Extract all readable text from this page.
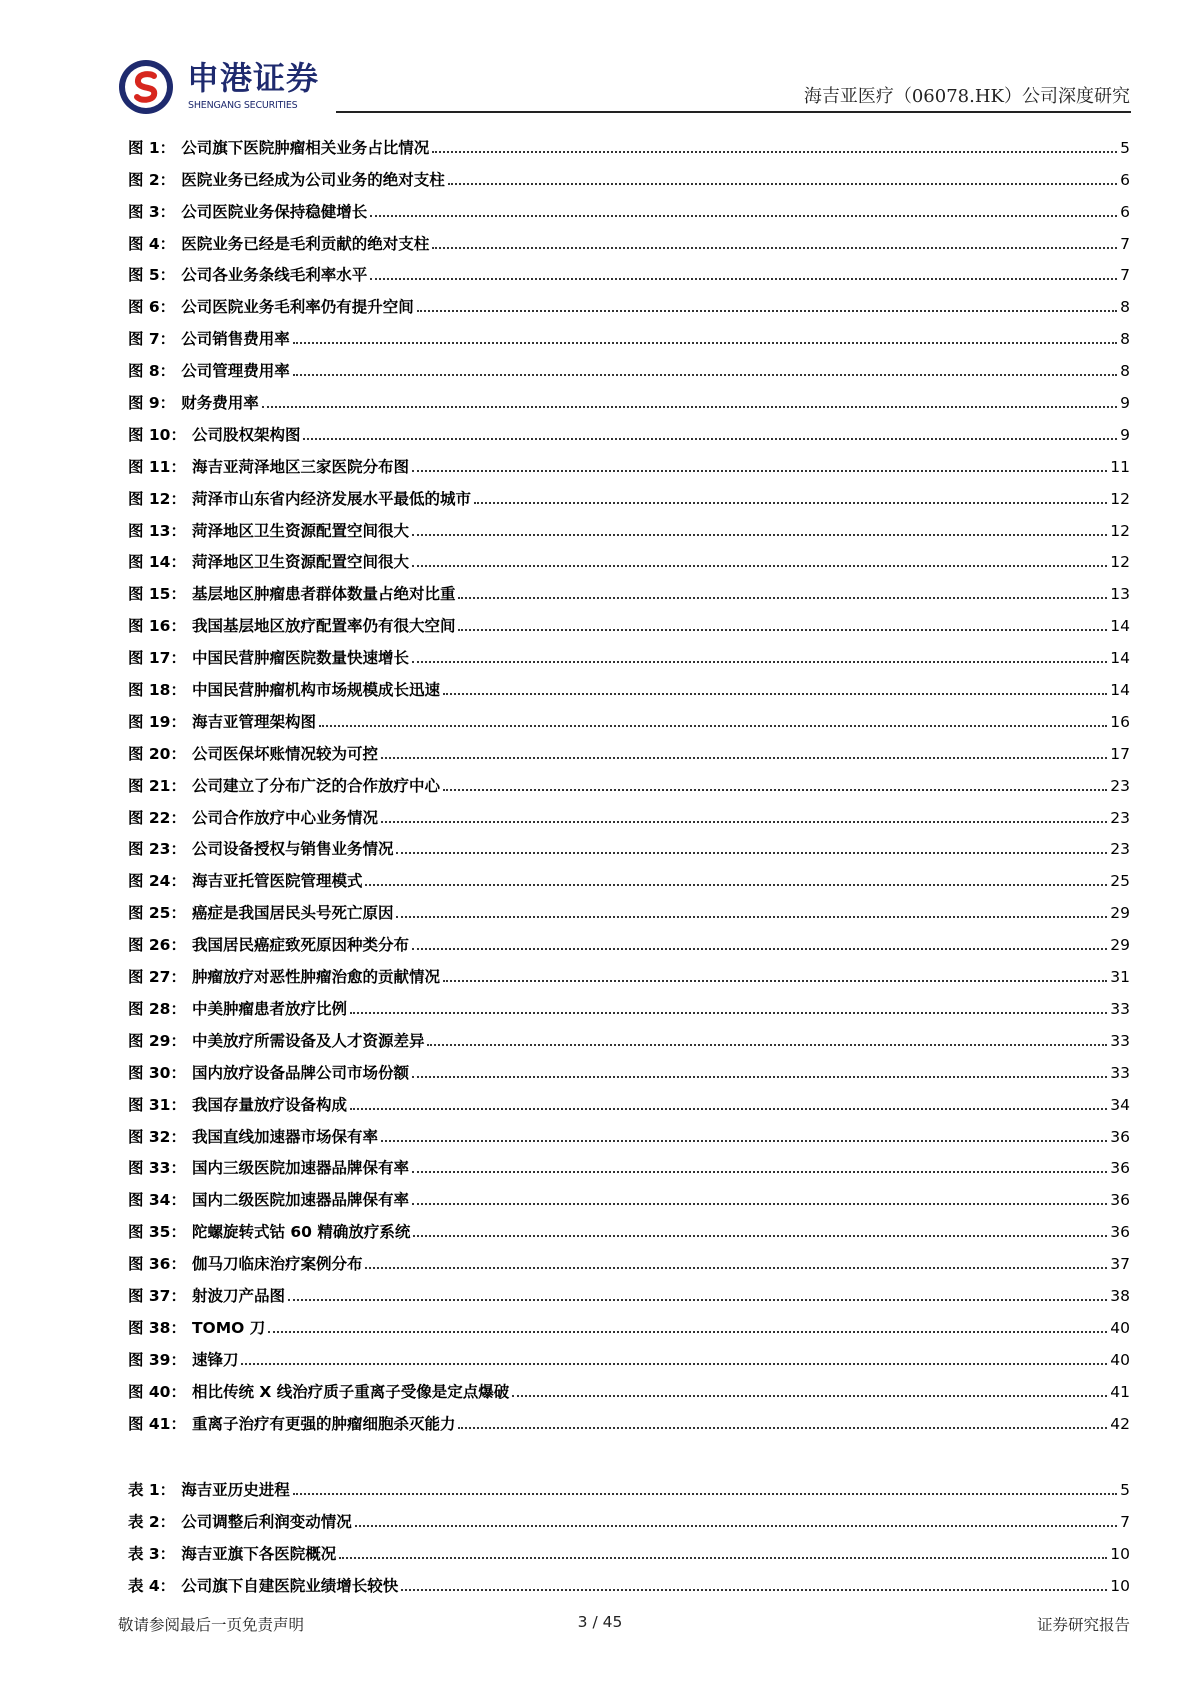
申港证券
SHENGANG SECURITIES	海吉亚医疗（06078.HK）公司深度研究
图 1： 公司旗下医院肿瘤相关业务占比情况	5
图 2： 医院业务已经成为公司业务的绝对支柱	6
图 3： 公司医院业务保持稳健增长	6
图 4： 医院业务已经是毛利贡献的绝对支柱	7
图 5： 公司各业务条线毛利率水平	7
图 6： 公司医院业务毛利率仍有提升空间	8
图 7： 公司销售费用率	8
图 8： 公司管理费用率	8
图 9： 财务费用率	9
图 10： 公司股权架构图	9
图 11： 海吉亚菏泽地区三家医院分布图	11
图 12： 菏泽市山东省内经济发展水平最低的城市	12
图 13： 菏泽地区卫生资源配置空间很大	12
图 14： 菏泽地区卫生资源配置空间很大	12
图 15： 基层地区肿瘤患者群体数量占绝对比重	13
图 16： 我国基层地区放疗配置率仍有很大空间	14
图 17： 中国民营肿瘤医院数量快速增长	14
图 18： 中国民营肿瘤机构市场规模成长迅速	14
图 19： 海吉亚管理架构图	16
图 20： 公司医保坏账情况较为可控	17
图 21： 公司建立了分布广泛的合作放疗中心	23
图 22： 公司合作放疗中心业务情况	23
图 23： 公司设备授权与销售业务情况	23
图 24： 海吉亚托管医院管理模式	25
图 25： 癌症是我国居民头号死亡原因	29
图 26： 我国居民癌症致死原因种类分布	29
图 27： 肿瘤放疗对恶性肿瘤治愈的贡献情况	31
图 28： 中美肿瘤患者放疗比例	33
图 29： 中美放疗所需设备及人才资源差异	33
图 30： 国内放疗设备品牌公司市场份额	33
图 31： 我国存量放疗设备构成	34
图 32： 我国直线加速器市场保有率	36
图 33： 国内三级医院加速器品牌保有率	36
图 34： 国内二级医院加速器品牌保有率	36
图 35： 陀螺旋转式钴 60 精确放疗系统	36
图 36： 伽马刀临床治疗案例分布	37
图 37： 射波刀产品图	38
图 38： TOMO 刀	40
图 39： 速锋刀	40
图 40： 相比传统 X 线治疗质子重离子受像是定点爆破	41
图 41： 重离子治疗有更强的肿瘤细胞杀灭能力	42
表 1： 海吉亚历史进程	5
表 2： 公司调整后利润变动情况	7
表 3： 海吉亚旗下各医院概况	10
表 4： 公司旗下自建医院业绩增长较快	10
敬请参阅最后一页免责声明	3 / 45	证券研究报告
